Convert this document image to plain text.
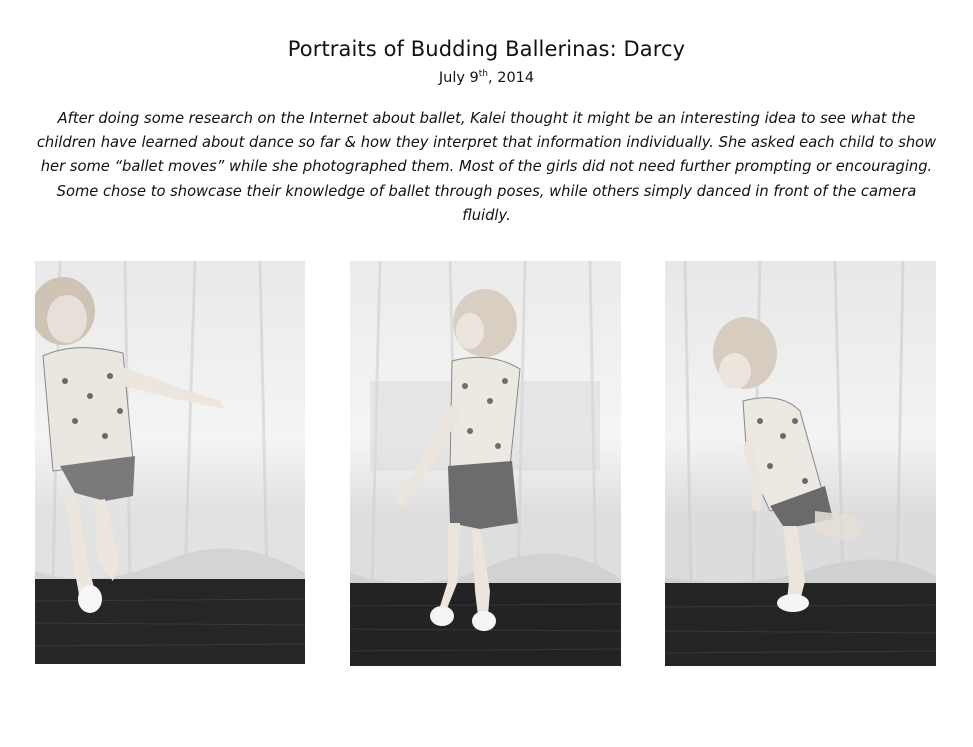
Portraits of Budding Ballerinas: Darcy

July 9th, 2014

After doing some research on the Internet about ballet, Kalei thought it might be an interesting idea to see what the children have learned about dance so far & how they interpret that information individually. She asked each child to show her some “ballet moves” while she photographed them. Most of the girls did not need further prompting or encouraging. Some chose to showcase their knowledge of ballet through poses, while others simply danced in front of the camera fluidly.
